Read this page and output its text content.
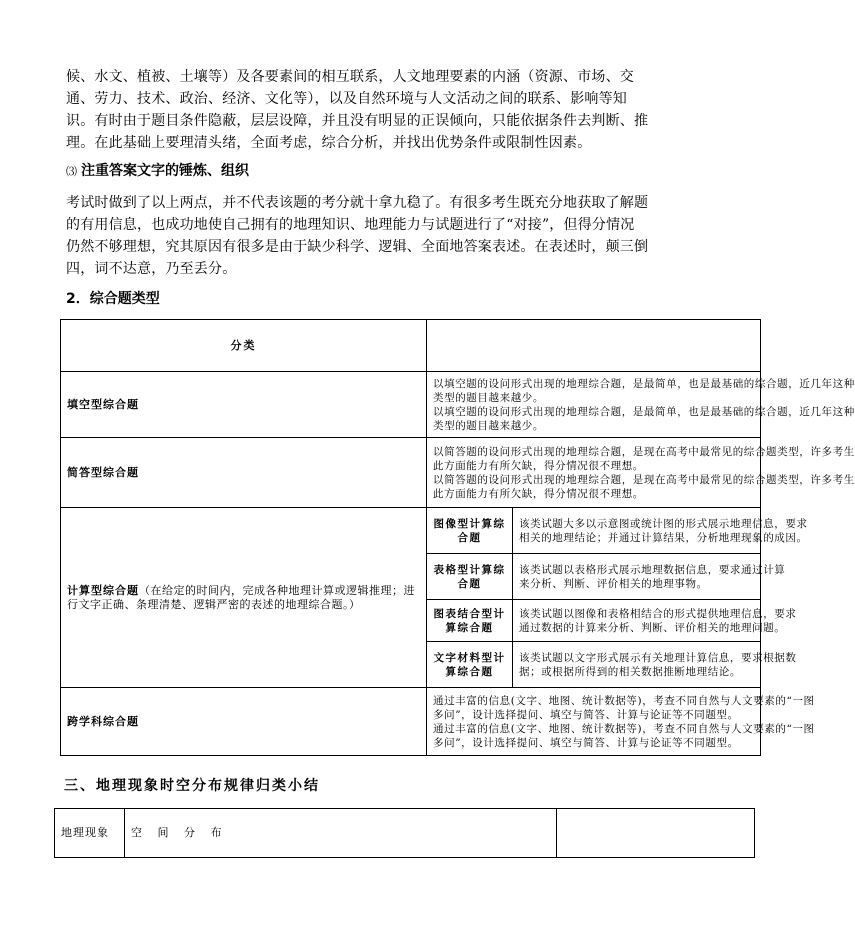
候、水文、植被、土壤等）及各要素间的相互联系，人文地理要素的内涵（资源、市场、交

通、劳力、技术、政治、经济、文化等），以及自然环境与人文活动之间的联系、影响等知

识。有时由于题目条件隐蔽，层层设障，并且没有明显的正误倾向，只能依据条件去判断、推

理。在此基础上要理清头绪，全面考虑，综合分析，并找出优势条件或限制性因素。

⑶ 注重答案文字的锤炼、组织

考试时做到了以上两点，并不代表该题的考分就十拿九稳了。有很多考生既充分地获取了解题

的有用信息，也成功地使自己拥有的地理知识、地理能力与试题进行了“对接”，但得分情况

仍然不够理想，究其原因有很多是由于缺少科学、逻辑、全面地答案表述。在表述时，颠三倒

四，词不达意，乃至丢分。

2．综合题类型
分类		
填空型综合题	以填空题的设问形式出现的地理综合题，是最简单，也是最基础的综合题，近几年这种
类型的题目越来越少。
以填空题的设问形式出现的地理综合题，是最简单，也是最基础的综合题，近几年这种
类型的题目越来越少。	

简答型综合题	以简答题的设问形式出现的地理综合题，是现在高考中最常见的综合题类型，许多考生
此方面能力有所欠缺，得分情况很不理想。
以简答题的设问形式出现的地理综合题，是现在高考中最常见的综合题类型，许多考生
此方面能力有所欠缺，得分情况很不理想。	

计算型综合题（在给定的时间内，完成各种地理计算或逻辑推理；进行文字正确、条理清楚、逻辑严密的表述的地理综合题。）	图像型计算综合题	该类试题大多以示意图或统计图的形式展示地理信息，要求
相关的地理结论；并通过计算结果，分析地理现象的成因。

	表格型计算综合题	该类试题以表格形式展示地理数据信息，要求通过计算
来分析、判断、评价相关的地理事物。

	图表结合型计算综合题	该类试题以图像和表格相结合的形式提供地理信息，要求
通过数据的计算来分析、判断、评价相关的地理问题。

	文字材料型计算综合题	该类试题以文字形式展示有关地理计算信息，要求根据数
据；或根据所得到的相关数据推断地理结论。

跨学科综合题	通过丰富的信息(文字、地图、统计数据等)，考查不同自然与人文要素的“一图
多问”，设计选择提问、填空与简答、计算与论证等不同题型。
通过丰富的信息(文字、地图、统计数据等)，考查不同自然与人文要素的“一图
多问”，设计选择提问、填空与简答、计算与论证等不同题型。	
三、地理现象时空分布规律归类小结
地理现象	空 间 分 布	
